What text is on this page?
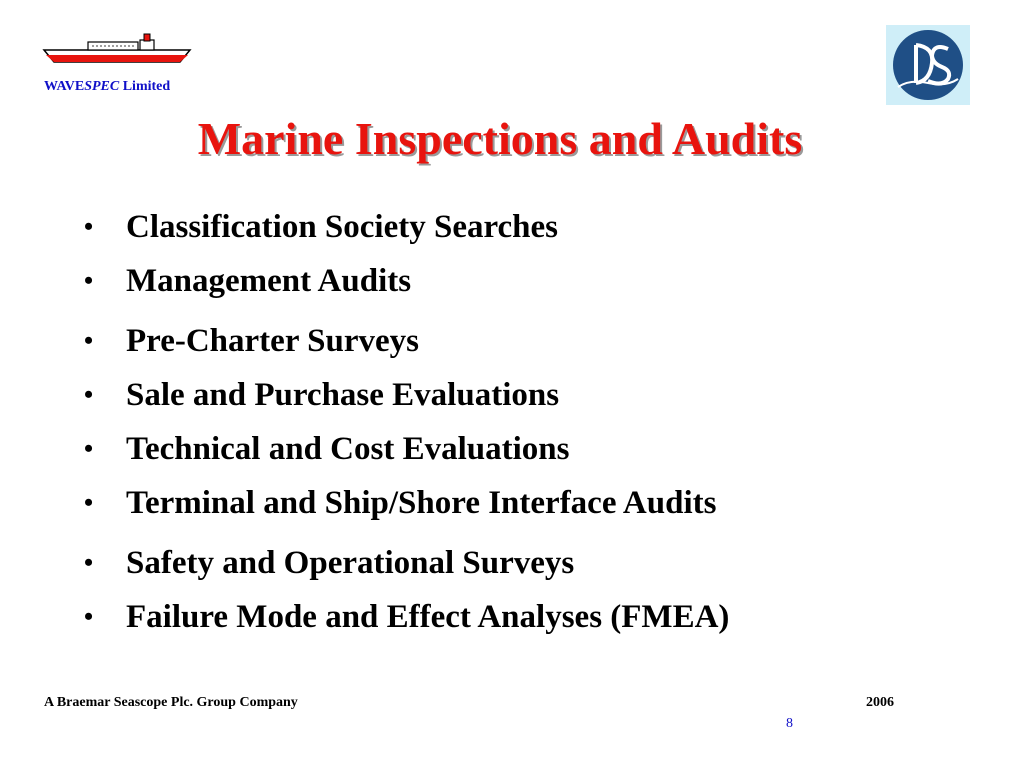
WAVESPEC Limited
Marine Inspections and Audits
• Classification Society Searches
• Management Audits
• Pre-Charter Surveys
• Sale and Purchase Evaluations
• Technical and Cost Evaluations
• Terminal and Ship/Shore Interface Audits
• Safety and Operational Surveys
• Failure Mode and Effect Analyses (FMEA)
A Braemar Seascope Plc. Group Company	2006
8
